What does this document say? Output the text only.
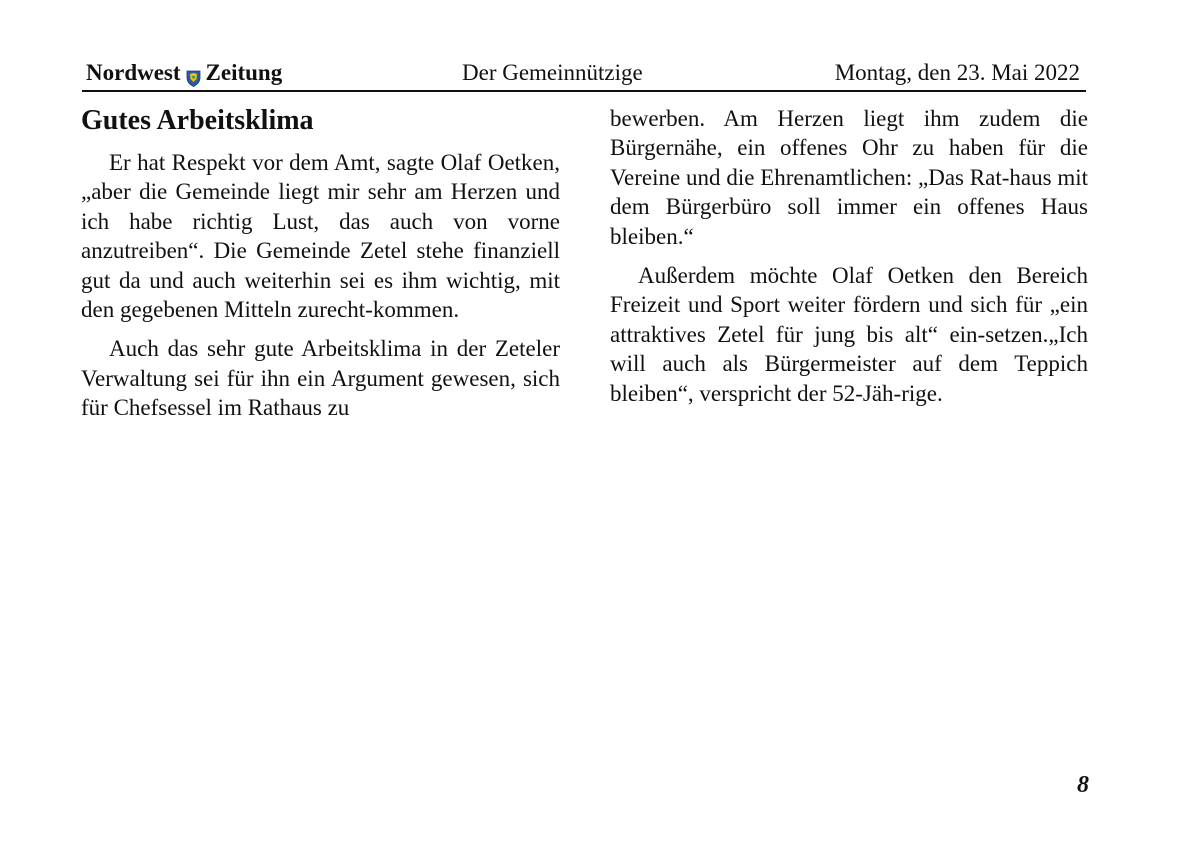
Nordwest Zeitung	Der Gemeinnützige	Montag, den 23. Mai 2022
Gutes Arbeitsklima

Er hat Respekt vor dem Amt, sagte Olaf Oetken, „aber die Gemeinde liegt mir sehr am Herzen und ich habe richtig Lust, das auch von vorne anzutreiben“. Die Gemeinde Zetel stehe finanziell gut da und auch weiterhin sei es ihm wichtig, mit den gegebenen Mitteln zurecht-kommen.

Auch das sehr gute Arbeitsklima in der Zeteler Verwaltung sei für ihn ein Argument gewesen, sich für Chefsessel im Rathaus zu

bewerben. Am Herzen liegt ihm zudem die Bürgernähe, ein offenes Ohr zu haben für die Vereine und die Ehrenamtlichen: „Das Rat-haus mit dem Bürgerbüro soll immer ein offenes Haus bleiben.“

Außerdem möchte Olaf Oetken den Bereich Freizeit und Sport weiter fördern und sich für „ein attraktives Zetel für jung bis alt“ ein-setzen.„Ich will auch als Bürgermeister auf dem Teppich bleiben“, verspricht der 52-Jäh-rige.

8
